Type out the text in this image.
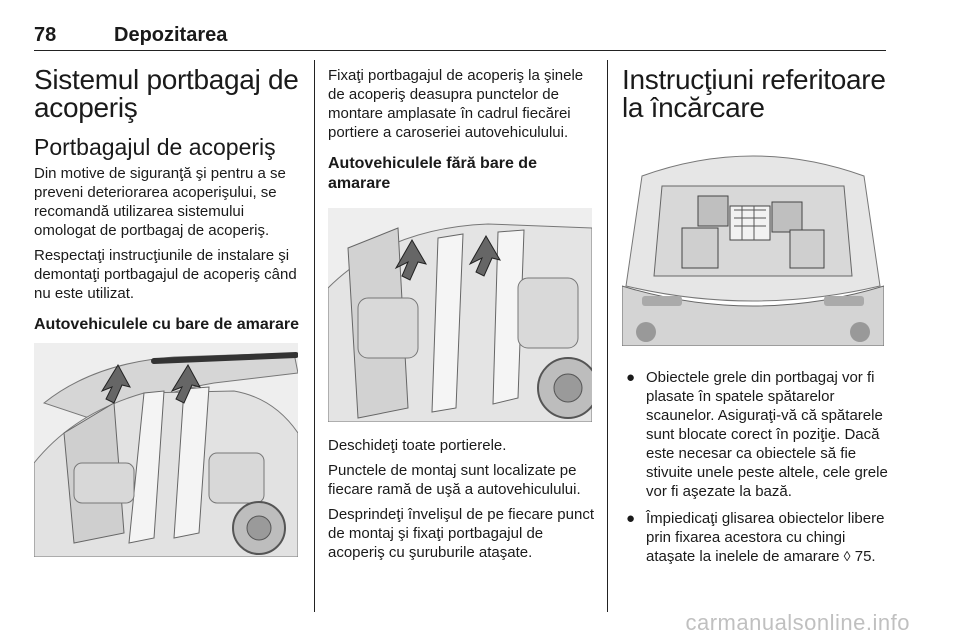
78	Depozitarea
Sistemul portbagaj de acoperiş
Portbagajul de acoperiş

Din motive de siguranţă şi pentru a se preveni deteriorarea acoperişului, se recomandă utilizarea sistemului omologat de portbagaj de acoperiş.

Respectaţi instrucţiunile de instalare şi demontaţi portbagajul de acoperiş când nu este utilizat.

Autovehiculele cu bare de amarare

Fixaţi portbagajul de acoperiş la şinele de acoperiş deasupra punctelor de montare amplasate în cadrul fiecărei portiere a caroseriei autovehiculului.

Autovehiculele fără bare de amarare

Deschideţi toate portierele.

Punctele de montaj sunt localizate pe fiecare ramă de uşă a autovehiculului.

Desprindeţi învelişul de pe fiecare punct de montaj şi fixaţi portbagajul de acoperiş cu şuruburile ataşate.

Instrucţiuni referitoare la încărcare
● Obiectele grele din portbagaj vor fi plasate în spatele spătarelor scaunelor. Asiguraţi-vă că spătarele sunt blocate corect în poziţie. Dacă este necesar ca obiectele să fie stivuite unele peste altele, cele grele vor fi aşezate la bază.
● Împiedicaţi glisarea obiectelor libere prin fixarea acestora cu chingi ataşate la inelele de amarare ◊ 75.
carmanualsonline.info
